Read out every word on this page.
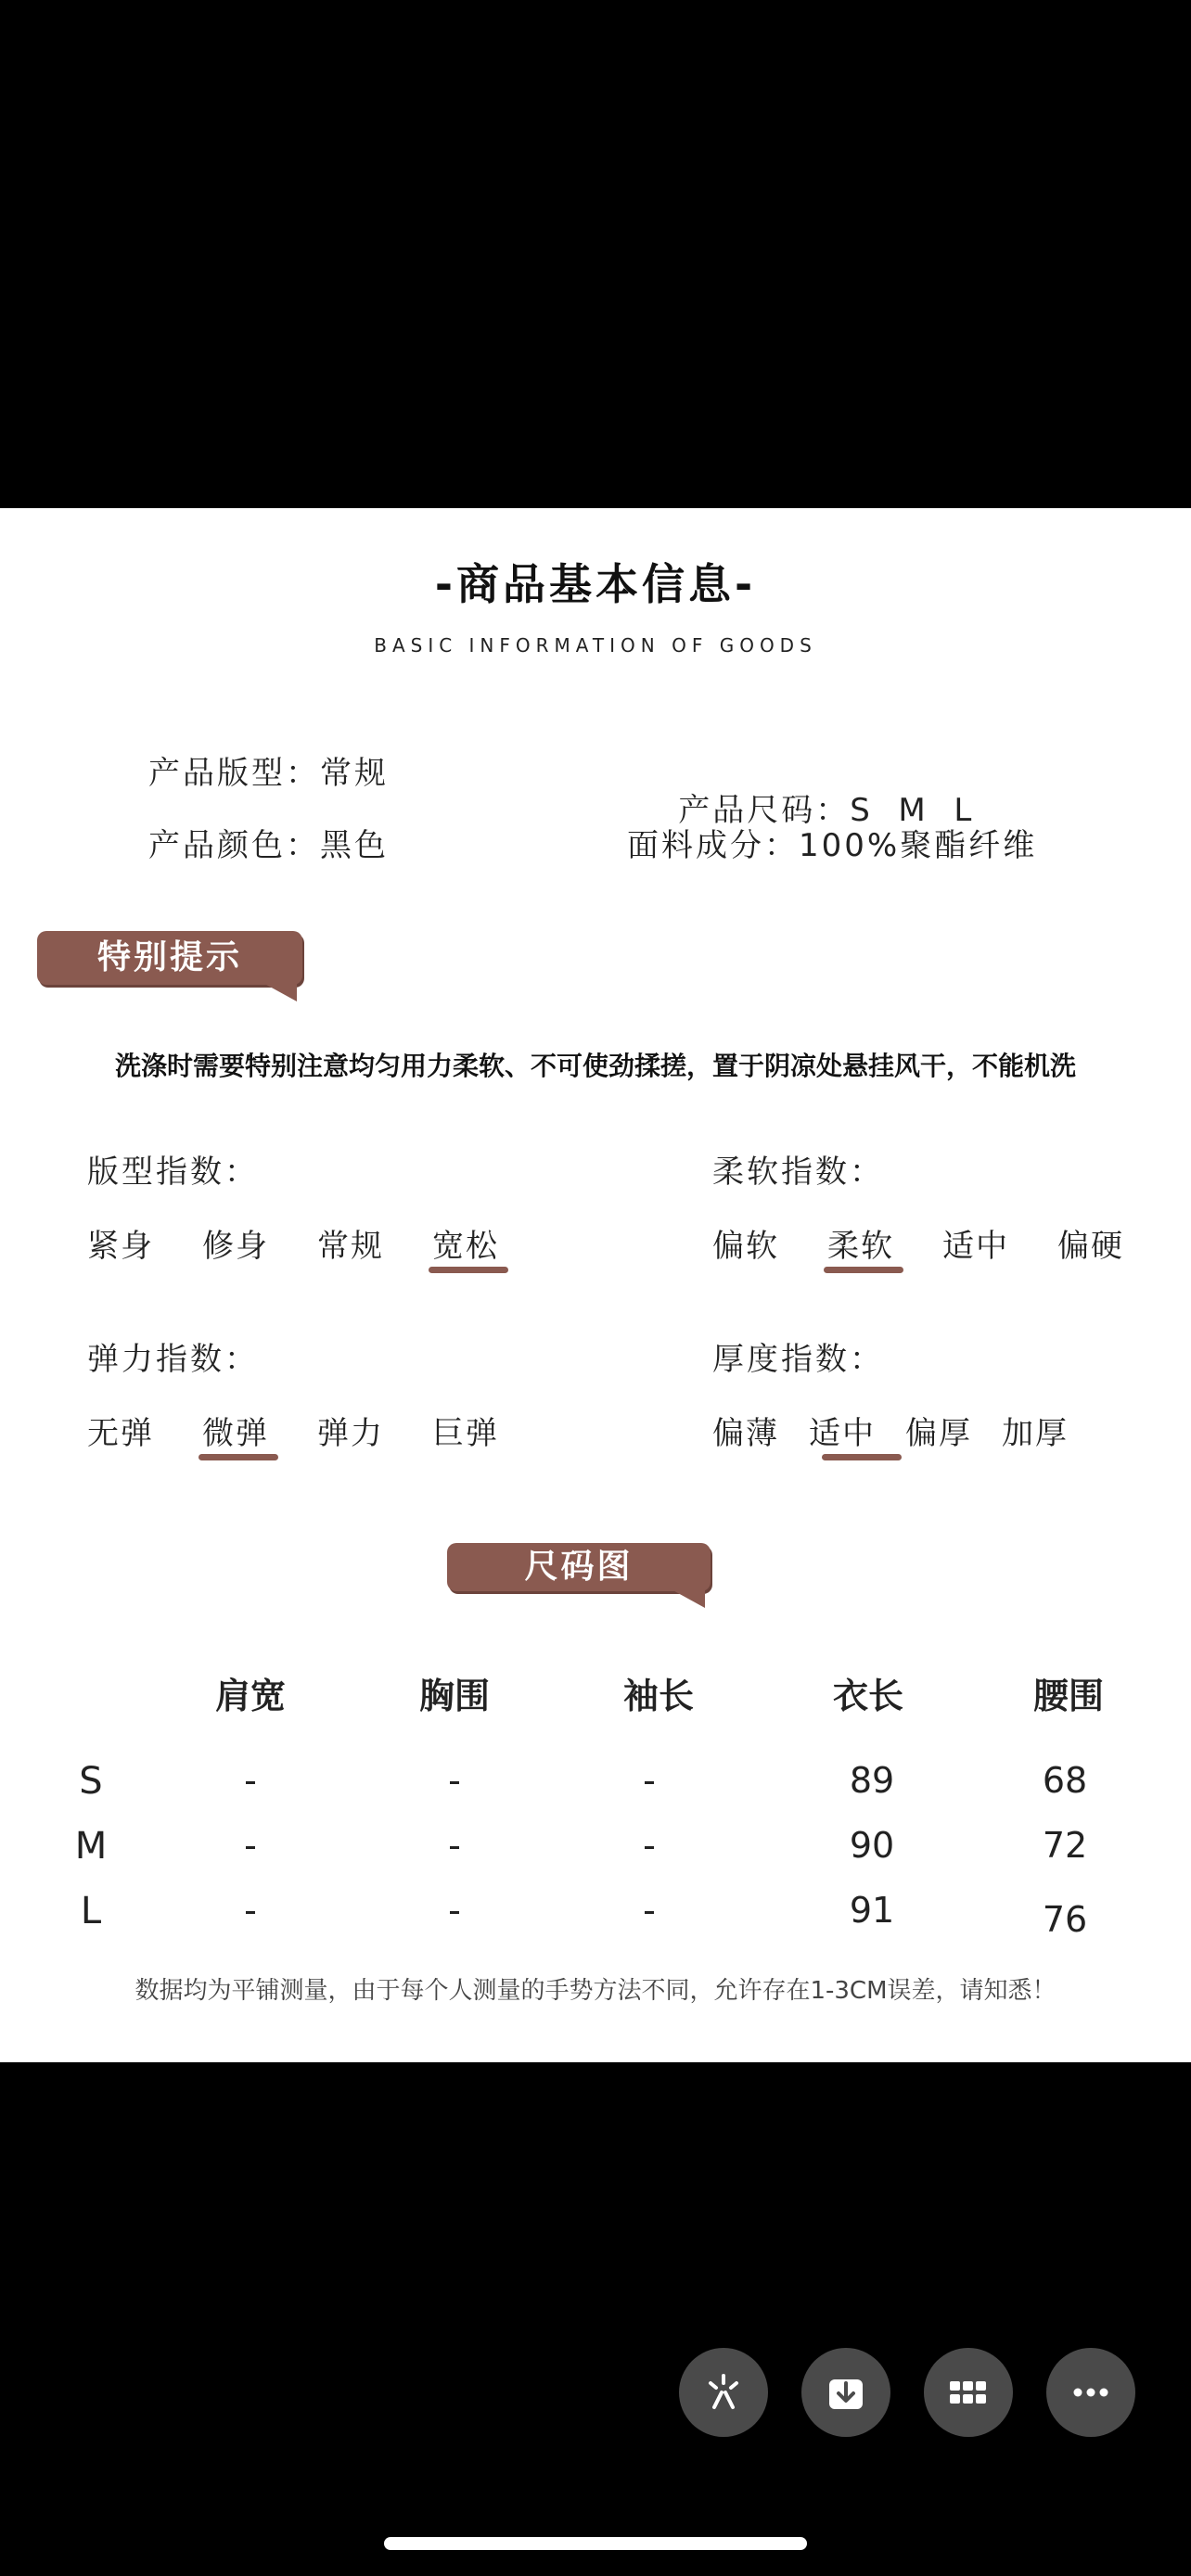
-商品基本信息-
BASIC INFORMATION OF GOODS
产品版型：常规

产品尺码：S  M  L

产品颜色：黑色	面料成分：100%聚酯纤维
特别提示
洗涤时需要特别注意均匀用力柔软、不可使劲揉搓，置于阴凉处悬挂风干，不能机洗
版型指数：
紧身 修身 常规 宽松
柔软指数：
偏软 柔软 适中 偏硬
弹力指数：
无弹 微弹 弹力 巨弹
厚度指数：
偏薄 适中 偏厚 加厚
尺码图
肩宽	胸围	袖长	衣长	腰围
S	-	-	-	89	68
M	-	-	-	90	72
L	-	-	-	91	76
数据均为平铺测量，由于每个人测量的手势方法不同，允许存在1-3CM误差，请知悉！
